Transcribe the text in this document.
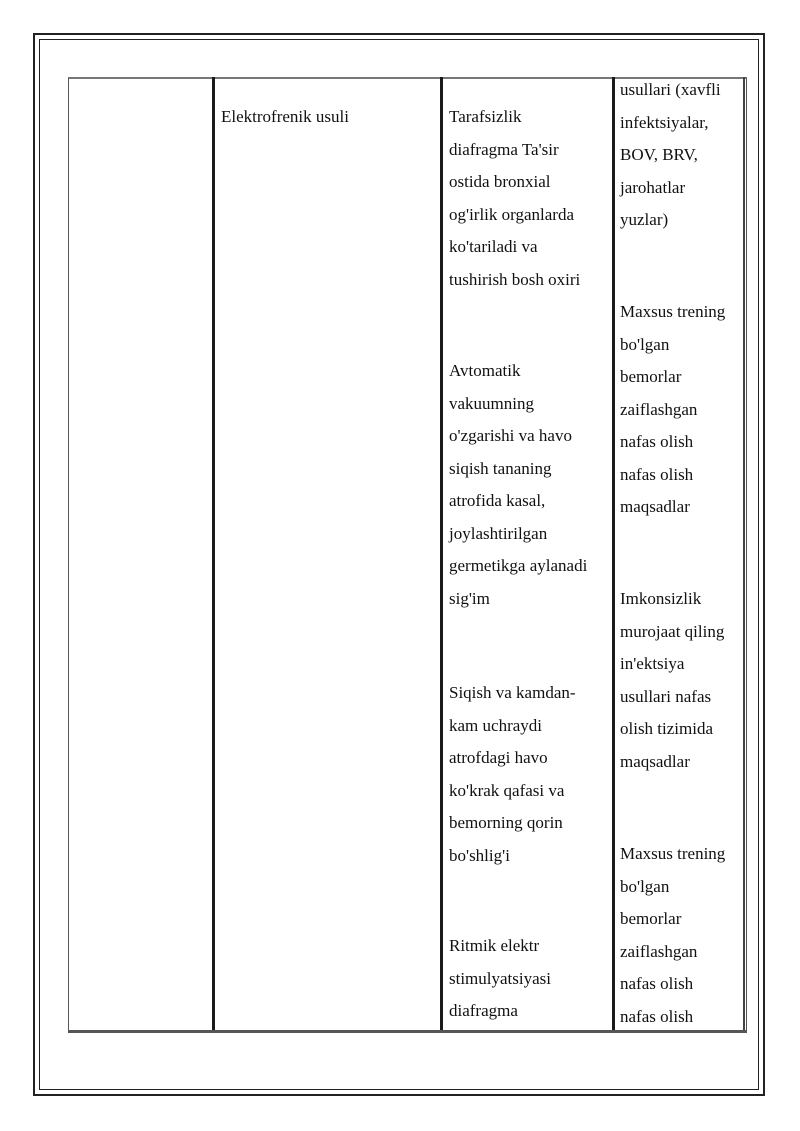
Elektrofrenik usuli	Tarafsizlik
diafragma Ta'sir
ostida bronxial
og'irlik organlarda
ko'tariladi va
tushirish bosh oxiri
Avtomatik
vakuumning
o'zgarishi va havo
siqish tananing
atrofida kasal,
joylashtirilgan
germetikga aylanadi
sig'im
Siqish va kamdan-
kam uchraydi
atrofdagi havo
ko'krak qafasi va
bemorning qorin
bo'shlig'i
Ritmik elektr
stimulyatsiyasi
diafragma
usullari (xavfli
infektsiyalar,
BOV, BRV,
jarohatlar
yuzlar)
Maxsus trening
bo'lgan
bemorlar
zaiflashgan
nafas olish
nafas olish
maqsadlar
Imkonsizlik
murojaat qiling
in'ektsiya
usullari nafas
olish tizimida
maqsadlar
Maxsus trening
bo'lgan
bemorlar
zaiflashgan
nafas olish
nafas olish
